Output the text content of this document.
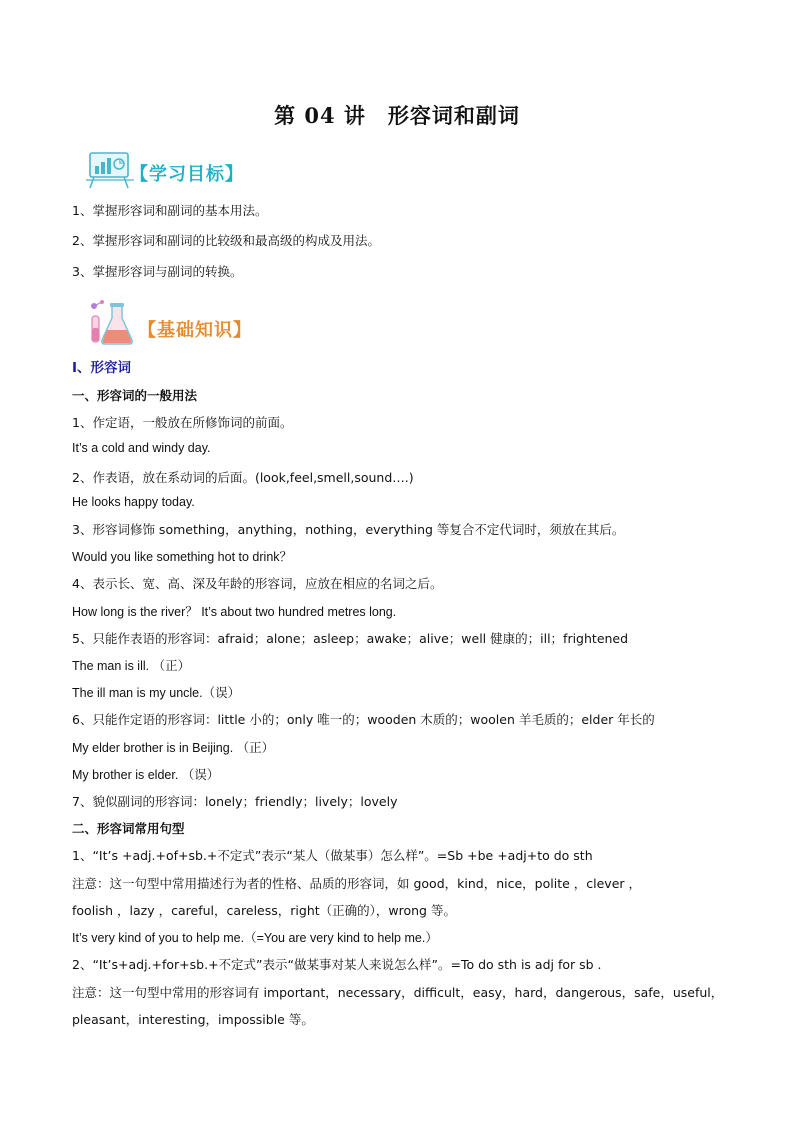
第 04 讲 形容词和副词
【学习目标】
1、掌握形容词和副词的基本用法。
2、掌握形容词和副词的比较级和最高级的构成及用法。
3、掌握形容词与副词的转换。
【基础知识】
I、形容词
一、形容词的一般用法
1、作定语，一般放在所修饰词的前面。
It’s a cold and windy day.
2、作表语，放在系动词的后面。(look,feel,smell,sound….)
He looks happy today.
3、形容词修饰 something，anything，nothing，everything 等复合不定代词时，须放在其后。
Would you like something hot to drink？
4、表示长、宽、高、深及年龄的形容词，应放在相应的名词之后。
How long is the river？ It’s about two hundred metres long.
5、只能作表语的形容词：afraid；alone；asleep；awake；alive；well 健康的；ill；frightened
The man is ill. （正）
The ill man is my uncle.（误）
6、只能作定语的形容词：little 小的；only 唯一的；wooden 木质的；woolen 羊毛质的；elder 年长的
My elder brother is in Beijing. （正）
My brother is elder. （误）
7、貌似副词的形容词：lonely；friendly；lively；lovely
二、形容词常用句型
1、“It’s +adj.+of+sb.+不定式”表示“某人（做某事）怎么样”。=Sb +be +adj+to do sth
注意：这一句型中常用描述行为者的性格、品质的形容词，如 good，kind，nice，polite ，clever ，
foolish ，lazy ，careful，careless，right（正确的），wrong 等。
It’s very kind of you to help me.（=You are very kind to help me.）
2、“It’s+adj.+for+sb.+不定式”表示“做某事对某人来说怎么样”。=To do sth is adj for sb .
注意：这一句型中常用的形容词有 important，necessary，difficult，easy，hard，dangerous，safe，useful，
pleasant，interesting，impossible 等。
